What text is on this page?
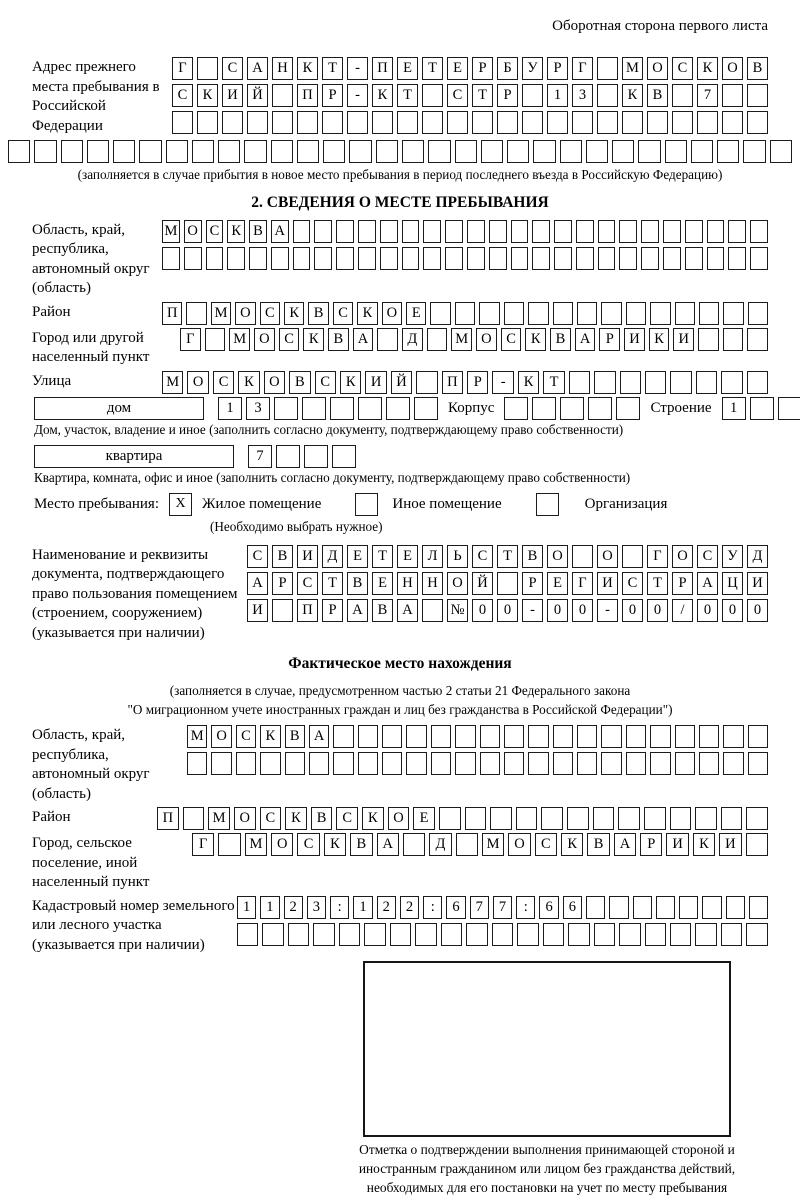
Оборотная сторона первого листа
Адрес прежнего места пребывания в Российской Федерации
Г	С	А	Н	К	Т	-	П	Е	Т	Е	Р	Б	У	Р	Г	М О	С	К	О	В
С	К	И	Й	П	Р	-	К	Т	С	Т	Р	1	3	К	В	7
(заполняется в случае прибытия в новое место пребывания в период последнего въезда в Российскую Федерацию)
2. СВЕДЕНИЯ О МЕСТЕ ПРЕБЫВАНИЯ
Область, край, республика, автономный округ (область)
М О С К В А
Район	П	М О С	К	В	С	К О	Е
Город или другой населенный пункт
Г	М О	С	К	В	А	Д	М О	С	К	В	А	Р	И	К	И
Улица	М О	С	К	О	В	С	К	И	Й	П	Р	-	К	Т
дом	1	3	Корпус	Строение	1
Дом, участок, владение и иное (заполнить согласно документу, подтверждающему право собственности)
квартира	7
Квартира, комната, офис и иное (заполнить согласно документу, подтверждающему право собственности)
Место пребывания:	X	Жилое помещение	Иное помещение	Организация
(Необходимо выбрать нужное)
Наименование и реквизиты документа, подтверждающего право пользования помещением (строением, сооружением) (указывается при наличии)
С	В	И	Д	Е	Т	Е	Л	Ь	С	Т	В	О	О	Г	О	С	У	Д
А	Р	С	Т	В	Е	Н	Н	О	Й	Р	Е	Г	И	С	Т	Р	А	Ц	И
И	П	Р	А	В	А	№ 0	0	-	0	0	-	0	0	/	0	0	0
Фактическое место нахождения
(заполняется в случае, предусмотренном частью 2 статьи 21 Федерального закона
"О миграционном учете иностранных граждан и лиц без гражданства в Российской Федерации")
Область, край, республика, автономный округ (область)
М О С	К	В А
Район	П	М О	С	К	В	С	К	О	Е
Город, сельское поселение, иной населенный пункт
Г	М	О	С	К	В	А	Д	М	О	С	К	В	А	Р	И	К	И
Кадастровый номер земельного или лесного участка (указывается при наличии)
1	1	2	3	:	1	2	2	:	6	7	7	:	6	6
Отметка о подтверждении выполнения принимающей стороной и иностранным гражданином или лицом без гражданства действий, необходимых для его постановки на учет по месту пребывания
